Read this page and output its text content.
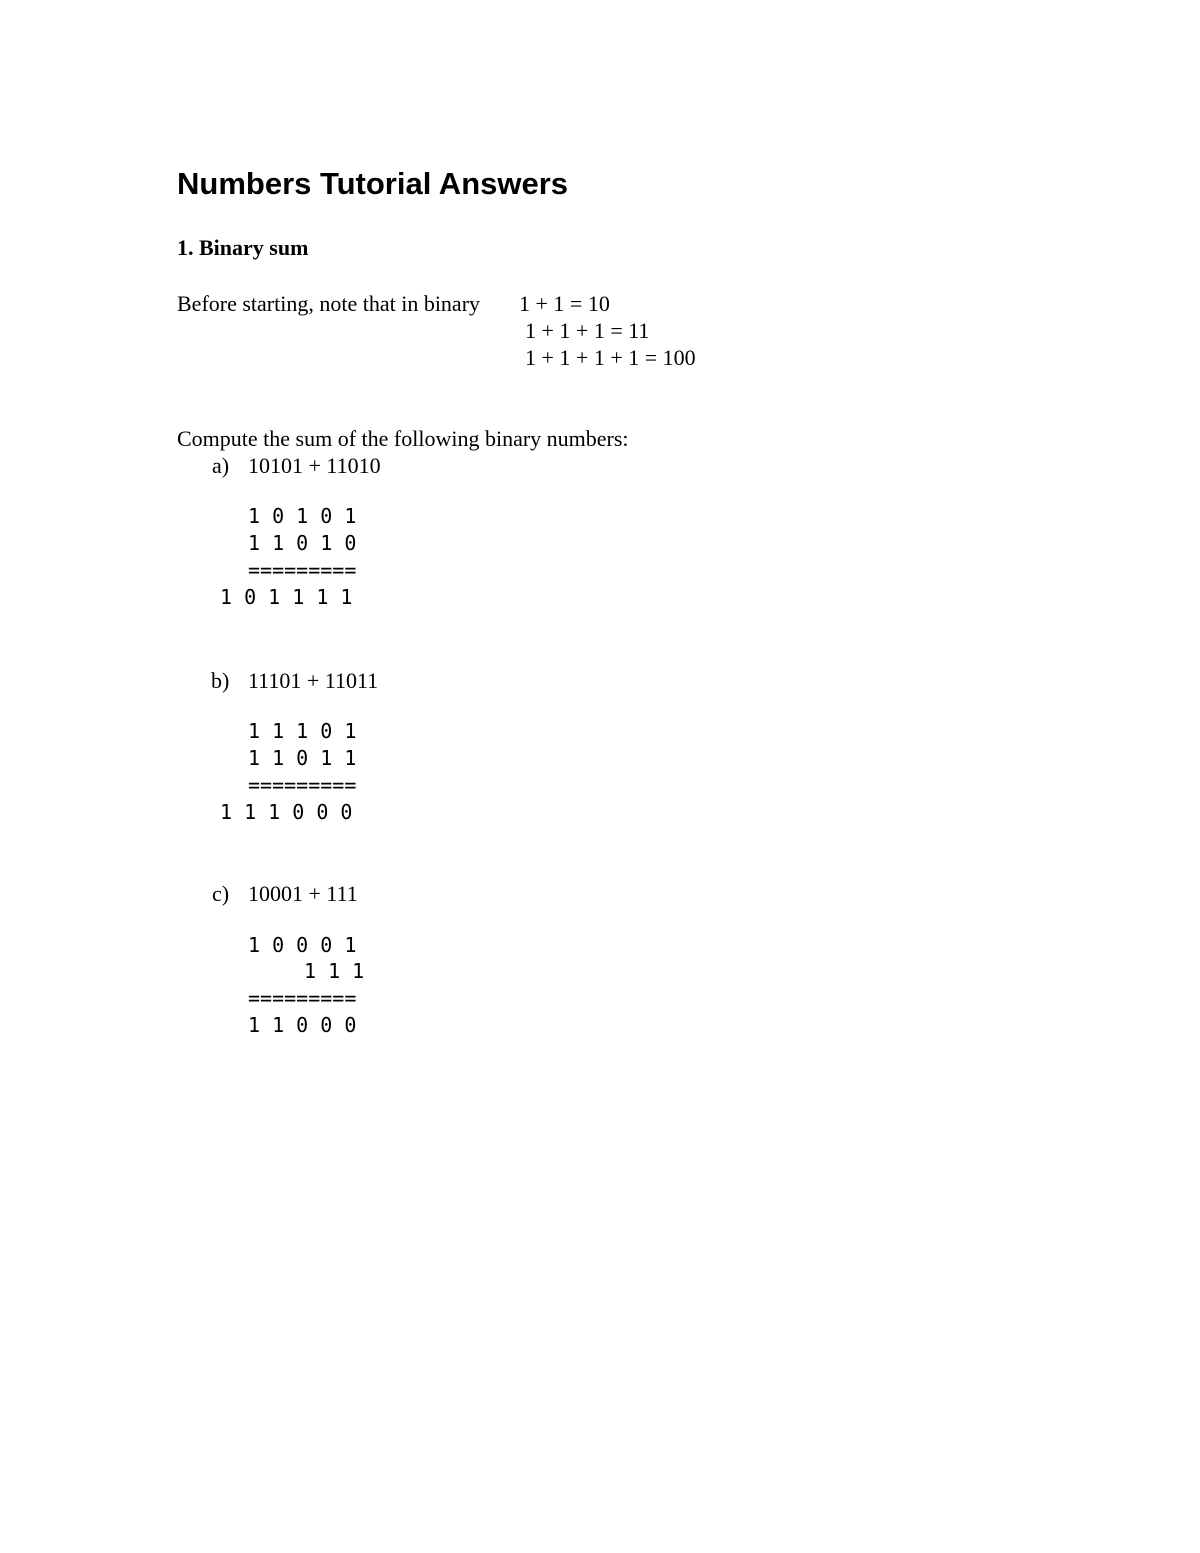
Numbers Tutorial Answers
1. Binary sum
Before starting, note that in binary 1 + 1 = 10
1 + 1 + 1 = 11
1 + 1 + 1 + 1 = 100
Compute the sum of the following binary numbers:
a) 10101 + 11010
1 0 1 0 1
1 1 0 1 0
=========
1 0 1 1 1 1
b) 11101 + 11011
1 1 1 0 1
1 1 0 1 1
=========
1 1 1 0 0 0
c) 10001 + 111
1 0 0 0 1
1 1 1
=========
1 1 0 0 0
